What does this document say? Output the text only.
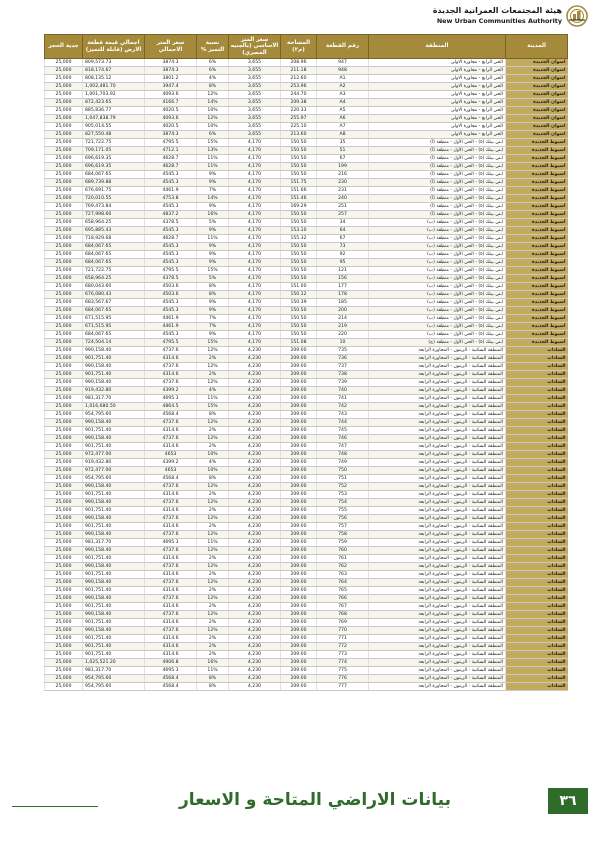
هيئة المجتمعات العمرانية الجديدة
New Urban Communities Authority
المدينة	المنطقة	رقم القطعة	المساحة (م٢)	سعر المتر الاساسي (بالجنيه المصري)	نسبة التميز %	سعر المتر الاجمالي	اجمالي قيمة قطعة الارض (قابلة للتميز)	جدية الحجز
اسوان الجديدة	الحي الرابع - مجاورة الاولى	947	208.96	3,655	6%	3874.3	809,573.73	25,000
اسوان الجديدة	الحي الرابع - مجاورة الاولى	948	211.18	3,655	6%	3874.3	818,174.67	25,000
اسوان الجديدة	الحي الرابع - مجاورة الاولى	A1	212.60	3,655	4%	3801.2	808,135.12	25,000
اسوان الجديدة	الحي الرابع - مجاورة الاولى	A2	253.96	3,655	8%	3947.4	1,002,481.70	25,000
اسوان الجديدة	الحي الرابع - مجاورة الاولى	A3	244.70	3,655	12%	4093.6	1,001,703.92	25,000
اسوان الجديدة	الحي الرابع - مجاورة الاولى	A4	209.38	3,655	14%	4166.7	872,423.65	25,000
اسوان الجديدة	الحي الرابع - مجاورة الاولى	A5	220.33	3,655	10%	4020.5	885,836.77	25,000
اسوان الجديدة	الحي الرابع - مجاورة الاولى	A6	255.97	3,655	12%	4093.6	1,047,838.79	25,000
اسوان الجديدة	الحي الرابع - مجاورة الاولى	A7	225.10	3,655	10%	4020.5	905,014.55	25,000
اسوان الجديدة	الحي الرابع - مجاورة الاولى	A8	213.60	3,655	6%	3874.3	827,550.48	25,000
أسيوط الجديدة	ابني بيتك (٥) - الحي الأول - منطقة (أ)	35	150.50	4,170	15%	4795.5	721,722.75	25,000
أسيوط الجديدة	ابني بيتك (٥) - الحي الأول - منطقة (أ)	51	150.50	4,170	13%	4712.1	709,171.05	25,000
أسيوط الجديدة	ابني بيتك (٥) - الحي الأول - منطقة (أ)	67	150.50	4,170	11%	4628.7	696,619.35	25,000
أسيوط الجديدة	ابني بيتك (٥) - الحي الأول - منطقة (أ)	199	150.50	4,170	11%	4628.7	696,619.35	25,000
أسيوط الجديدة	ابني بيتك (٥) - الحي الأول - منطقة (أ)	216	150.50	4,170	9%	4545.3	684,067.65	25,000
أسيوط الجديدة	ابني بيتك (٥) - الحي الأول - منطقة (أ)	230	151.75	4,170	9%	4545.3	689,739.88	25,000
أسيوط الجديدة	ابني بيتك (٥) - الحي الأول - منطقة (أ)	231	151.66	4,170	7%	4461.9	676,691.75	25,000
أسيوط الجديدة	ابني بيتك (٥) - الحي الأول - منطقة (أ)	240	151.46	4,170	14%	4753.8	720,010.55	25,000
أسيوط الجديدة	ابني بيتك (٥) - الحي الأول - منطقة (أ)	251	169.29	4,170	9%	4545.3	769,473.84	25,000
أسيوط الجديدة	ابني بيتك (٥) - الحي الأول - منطقة (أ)	257	150.50	4,170	16%	4837.2	727,998.60	25,000
أسيوط الجديدة	ابني بيتك (٥) - الحي الأول - منطقة (ب)	34	150.50	4,170	5%	4378.5	658,964.25	25,000
أسيوط الجديدة	ابني بيتك (٥) - الحي الأول - منطقة (ب)	64	153.10	4,170	9%	4545.3	695,885.43	25,000
أسيوط الجديدة	ابني بيتك (٥) - الحي الأول - منطقة (ب)	67	155.32	4,170	11%	4628.7	718,929.68	25,000
أسيوط الجديدة	ابني بيتك (٥) - الحي الأول - منطقة (ب)	73	150.50	4,170	9%	4545.3	684,067.65	25,000
أسيوط الجديدة	ابني بيتك (٥) - الحي الأول - منطقة (ب)	92	150.50	4,170	9%	4545.3	684,067.65	25,000
أسيوط الجديدة	ابني بيتك (٥) - الحي الأول - منطقة (ب)	95	150.50	4,170	9%	4545.3	684,067.65	25,000
أسيوط الجديدة	ابني بيتك (٥) - الحي الأول - منطقة (ب)	121	150.50	4,170	15%	4795.5	721,722.75	25,000
أسيوط الجديدة	ابني بيتك (٥) - الحي الأول - منطقة (ب)	156	150.50	4,170	5%	4378.5	658,964.25	25,000
أسيوط الجديدة	ابني بيتك (٥) - الحي الأول - منطقة (ب)	177	151.00	4,170	8%	4503.6	680,043.60	25,000
أسيوط الجديدة	ابني بيتك (٥) - الحي الأول - منطقة (ب)	178	150.12	4,170	8%	4503.6	676,080.43	25,000
أسيوط الجديدة	ابني بيتك (٥) - الحي الأول - منطقة (ب)	185	150.39	4,170	9%	4545.3	683,567.67	25,000
أسيوط الجديدة	ابني بيتك (٥) - الحي الأول - منطقة (ب)	200	150.50	4,170	9%	4545.3	684,067.65	25,000
أسيوط الجديدة	ابني بيتك (٥) - الحي الأول - منطقة (ب)	214	150.50	4,170	7%	4461.9	671,515.95	25,000
أسيوط الجديدة	ابني بيتك (٥) - الحي الأول - منطقة (ب)	219	150.50	4,170	7%	4461.9	671,515.95	25,000
أسيوط الجديدة	ابني بيتك (٥) - الحي الأول - منطقة (ب)	220	150.50	4,170	9%	4545.3	684,067.65	25,000
أسيوط الجديدة	ابني بيتك (٥) - الحي الأول - منطقة (ج)	10	151.08	4,170	15%	4795.5	724,504.14	25,000
السادات	المنطقة السكنية - الزيتون - المجاورة الرابعة	735	209.00	4,230	12%	4737.6	990,158.40	25,000
السادات	المنطقة السكنية - الزيتون - المجاورة الرابعة	736	209.00	4,230	2%	4314.6	901,751.40	25,000
السادات	المنطقة السكنية - الزيتون - المجاورة الرابعة	737	209.00	4,230	12%	4737.6	990,158.40	25,000
السادات	المنطقة السكنية - الزيتون - المجاورة الرابعة	738	209.00	4,230	2%	4314.6	901,751.40	25,000
السادات	المنطقة السكنية - الزيتون - المجاورة الرابعة	739	209.00	4,230	12%	4737.6	990,158.40	25,000
السادات	المنطقة السكنية - الزيتون - المجاورة الرابعة	740	209.00	4,230	4%	4399.2	919,432.80	25,000
السادات	المنطقة السكنية - الزيتون - المجاورة الرابعة	741	209.00	4,230	11%	4695.3	981,317.70	25,000
السادات	المنطقة السكنية - الزيتون - المجاورة الرابعة	742	209.00	4,230	15%	4864.5	1,016,680.50	25,000
السادات	المنطقة السكنية - الزيتون - المجاورة الرابعة	743	209.00	4,230	8%	4568.4	954,795.60	25,000
السادات	المنطقة السكنية - الزيتون - المجاورة الرابعة	744	209.00	4,230	12%	4737.6	990,158.40	25,000
السادات	المنطقة السكنية - الزيتون - المجاورة الرابعة	745	209.00	4,230	2%	4314.6	901,751.40	25,000
السادات	المنطقة السكنية - الزيتون - المجاورة الرابعة	746	209.00	4,230	12%	4737.6	990,158.40	25,000
السادات	المنطقة السكنية - الزيتون - المجاورة الرابعة	747	209.00	4,230	2%	4314.6	901,751.40	25,000
السادات	المنطقة السكنية - الزيتون - المجاورة الرابعة	748	209.00	4,230	10%	4653	972,477.00	25,000
السادات	المنطقة السكنية - الزيتون - المجاورة الرابعة	749	209.00	4,230	4%	4399.2	919,432.80	25,000
السادات	المنطقة السكنية - الزيتون - المجاورة الرابعة	750	209.00	4,230	10%	4653	972,477.00	25,000
السادات	المنطقة السكنية - الزيتون - المجاورة الرابعة	751	209.00	4,230	8%	4568.4	954,795.60	25,000
السادات	المنطقة السكنية - الزيتون - المجاورة الرابعة	752	209.00	4,230	12%	4737.6	990,158.40	25,000
السادات	المنطقة السكنية - الزيتون - المجاورة الرابعة	753	209.00	4,230	2%	4314.6	901,751.40	25,000
السادات	المنطقة السكنية - الزيتون - المجاورة الرابعة	754	209.00	4,230	12%	4737.6	990,158.40	25,000
السادات	المنطقة السكنية - الزيتون - المجاورة الرابعة	755	209.00	4,230	2%	4314.6	901,751.40	25,000
السادات	المنطقة السكنية - الزيتون - المجاورة الرابعة	756	209.00	4,230	12%	4737.6	990,158.40	25,000
السادات	المنطقة السكنية - الزيتون - المجاورة الرابعة	757	209.00	4,230	2%	4314.6	901,751.40	25,000
السادات	المنطقة السكنية - الزيتون - المجاورة الرابعة	758	209.00	4,230	12%	4737.6	990,158.40	25,000
السادات	المنطقة السكنية - الزيتون - المجاورة الرابعة	759	209.00	4,230	11%	4695.3	981,317.70	25,000
السادات	المنطقة السكنية - الزيتون - المجاورة الرابعة	760	209.00	4,230	12%	4737.6	990,158.40	25,000
السادات	المنطقة السكنية - الزيتون - المجاورة الرابعة	761	209.00	4,230	2%	4314.6	901,751.40	25,000
السادات	المنطقة السكنية - الزيتون - المجاورة الرابعة	762	209.00	4,230	12%	4737.6	990,158.40	25,000
السادات	المنطقة السكنية - الزيتون - المجاورة الرابعة	763	209.00	4,230	2%	4314.6	901,751.40	25,000
السادات	المنطقة السكنية - الزيتون - المجاورة الرابعة	764	209.00	4,230	12%	4737.6	990,158.40	25,000
السادات	المنطقة السكنية - الزيتون - المجاورة الرابعة	765	209.00	4,230	2%	4314.6	901,751.40	25,000
السادات	المنطقة السكنية - الزيتون - المجاورة الرابعة	766	209.00	4,230	12%	4737.6	990,158.40	25,000
السادات	المنطقة السكنية - الزيتون - المجاورة الرابعة	767	209.00	4,230	2%	4314.6	901,751.40	25,000
السادات	المنطقة السكنية - الزيتون - المجاورة الرابعة	768	209.00	4,230	12%	4737.6	990,158.40	25,000
السادات	المنطقة السكنية - الزيتون - المجاورة الرابعة	769	209.00	4,230	2%	4314.6	901,751.40	25,000
السادات	المنطقة السكنية - الزيتون - المجاورة الرابعة	770	209.00	4,230	12%	4737.6	990,158.40	25,000
السادات	المنطقة السكنية - الزيتون - المجاورة الرابعة	771	209.00	4,230	2%	4314.6	901,751.40	25,000
السادات	المنطقة السكنية - الزيتون - المجاورة الرابعة	772	209.00	4,230	2%	4314.6	901,751.40	25,000
السادات	المنطقة السكنية - الزيتون - المجاورة الرابعة	773	209.00	4,230	2%	4314.6	901,751.40	25,000
السادات	المنطقة السكنية - الزيتون - المجاورة الرابعة	774	209.00	4,230	16%	4906.8	1,025,521.20	25,000
السادات	المنطقة السكنية - الزيتون - المجاورة الرابعة	775	209.00	4,230	11%	4695.3	981,317.70	25,000
السادات	المنطقة السكنية - الزيتون - المجاورة الرابعة	776	209.00	4,230	8%	4568.4	954,795.60	25,000
السادات	المنطقة السكنية - الزيتون - المجاورة الرابعة	777	209.00	4,230	8%	4568.4	954,795.60	25,000
بيانات الاراضي المتاحة و الاسعار	٣٦
